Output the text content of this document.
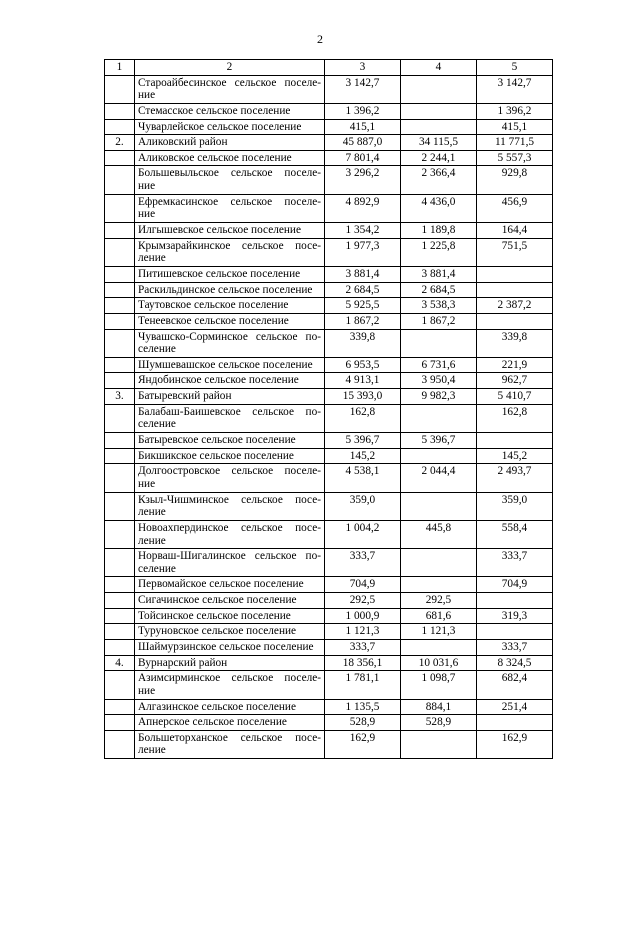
2
1	2	3	4	5

	Староайбесинское сельское поселе-
ние	3 142,7		3 142,7
	Стемасское сельское поселение	1 396,2		1 396,2
	Чуварлейское сельское поселение	415,1		415,1
2.	Аликовский район	45 887,0	34 115,5	11 771,5
	Аликовское сельское поселение	7 801,4	2 244,1	5 557,3

	Большевыльское сельское поселе-
ние	3 296,2	2 366,4	929,8

	Ефремкасинское сельское поселе-
ние	4 892,9	4 436,0	456,9
	Илгышевское сельское поселение	1 354,2	1 189,8	164,4

	Крымзарайкинское сельское посе-
ление	1 977,3	1 225,8	751,5
	Питишевское сельское поселение	3 881,4	3 881,4	
	Раскильдинское сельское поселение	2 684,5	2 684,5	
	Таутовское сельское поселение	5 925,5	3 538,3	2 387,2
	Тенеевское сельское поселение	1 867,2	1 867,2	

	Чувашско-Сорминское сельское по-
селение	339,8		339,8
	Шумшевашское сельское поселение	6 953,5	6 731,6	221,9
	Яндобинское сельское поселение	4 913,1	3 950,4	962,7
3.	Батыревский район	15 393,0	9 982,3	5 410,7

	Балабаш-Баишевское сельское по-
селение	162,8		162,8
	Батыревское сельское поселение	5 396,7	5 396,7	
	Бикшикское сельское поселение	145,2		145,2

	Долгоостровское сельское поселе-
ние	4 538,1	2 044,4	2 493,7

	Кзыл-Чишминское сельское посе-
ление	359,0		359,0

	Новоахпердинское сельское посе-
ление	1 004,2	445,8	558,4

	Норваш-Шигалинское сельское по-
селение	333,7		333,7
	Первомайское сельское поселение	704,9		704,9
	Сигачинское сельское поселение	292,5	292,5	
	Тойсинское сельское поселение	1 000,9	681,6	319,3
	Туруновское сельское поселение	1 121,3	1 121,3	
	Шаймурзинское сельское поселение	333,7		333,7
4.	Вурнарский район	18 356,1	10 031,6	8 324,5

	Азимсирминское сельское поселе-
ние	1 781,1	1 098,7	682,4
	Алгазинское сельское поселение	1 135,5	884,1	251,4
	Апнерское сельское поселение	528,9	528,9	

	Большеторханское сельское посе-
ление	162,9		162,9
